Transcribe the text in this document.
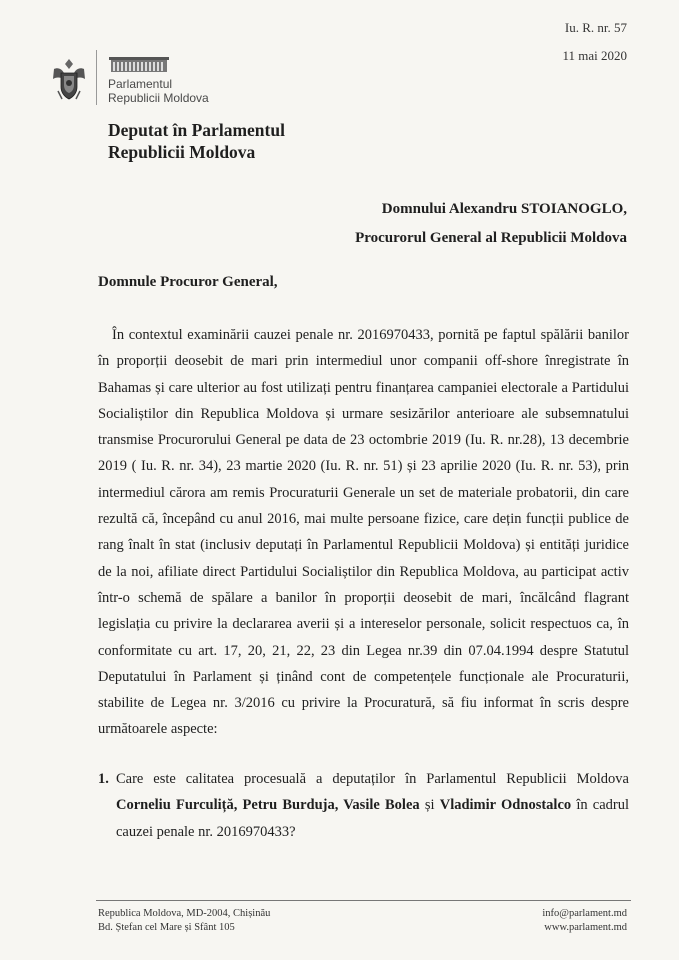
Iu. R. nr. 57
11 mai 2020
Parlamentul
Republicii Moldova
Deputat în Parlamentul
Republicii Moldova
Domnului Alexandru STOIANOGLO,
Procurorul General al Republicii Moldova
Domnule Procuror General,
În contextul examinării cauzei penale nr. 2016970433, pornită pe faptul spălării banilor în proporții deosebit de mari prin intermediul unor companii off-shore înregistrate în Bahamas și care ulterior au fost utilizați pentru finanțarea campaniei electorale a Partidului Socialiștilor din Republica Moldova și urmare sesizărilor anterioare ale subsemnatului transmise Procurorului General pe data de 23 octombrie 2019 (Iu. R. nr.28), 13 decembrie 2019 ( Iu. R. nr. 34), 23 martie 2020 (Iu. R. nr. 51) și 23 aprilie 2020 (Iu. R. nr. 53), prin intermediul cărora am remis Procuraturii Generale un set de materiale probatorii, din care rezultă că, începând cu anul 2016, mai multe persoane fizice, care dețin funcții publice de rang înalt în stat (inclusiv deputați în Parlamentul Republicii Moldova) și entități juridice de la noi, afiliate direct Partidului Socialiștilor din Republica Moldova, au participat activ într-o schemă de spălare a banilor în proporții deosebit de mari, încălcând flagrant legislația cu privire la declararea averii și a intereselor personale, solicit respectuos ca, în conformitate cu art. 17, 20, 21, 22, 23 din Legea nr.39 din 07.04.1994 despre Statutul Deputatului în Parlament și ținând cont de competențele funcționale ale Procuraturii, stabilite de Legea nr. 3/2016 cu privire la Procuratură, să fiu informat în scris despre următoarele aspecte:
1. Care este calitatea procesuală a deputaților în Parlamentul Republicii Moldova Corneliu Furculiță, Petru Burduja, Vasile Bolea și Vladimir Odnostalco în cadrul cauzei penale nr. 2016970433?
Republica Moldova, MD-2004, Chișinău
Bd. Ștefan cel Mare și Sfânt 105
info@parlament.md
www.parlament.md
